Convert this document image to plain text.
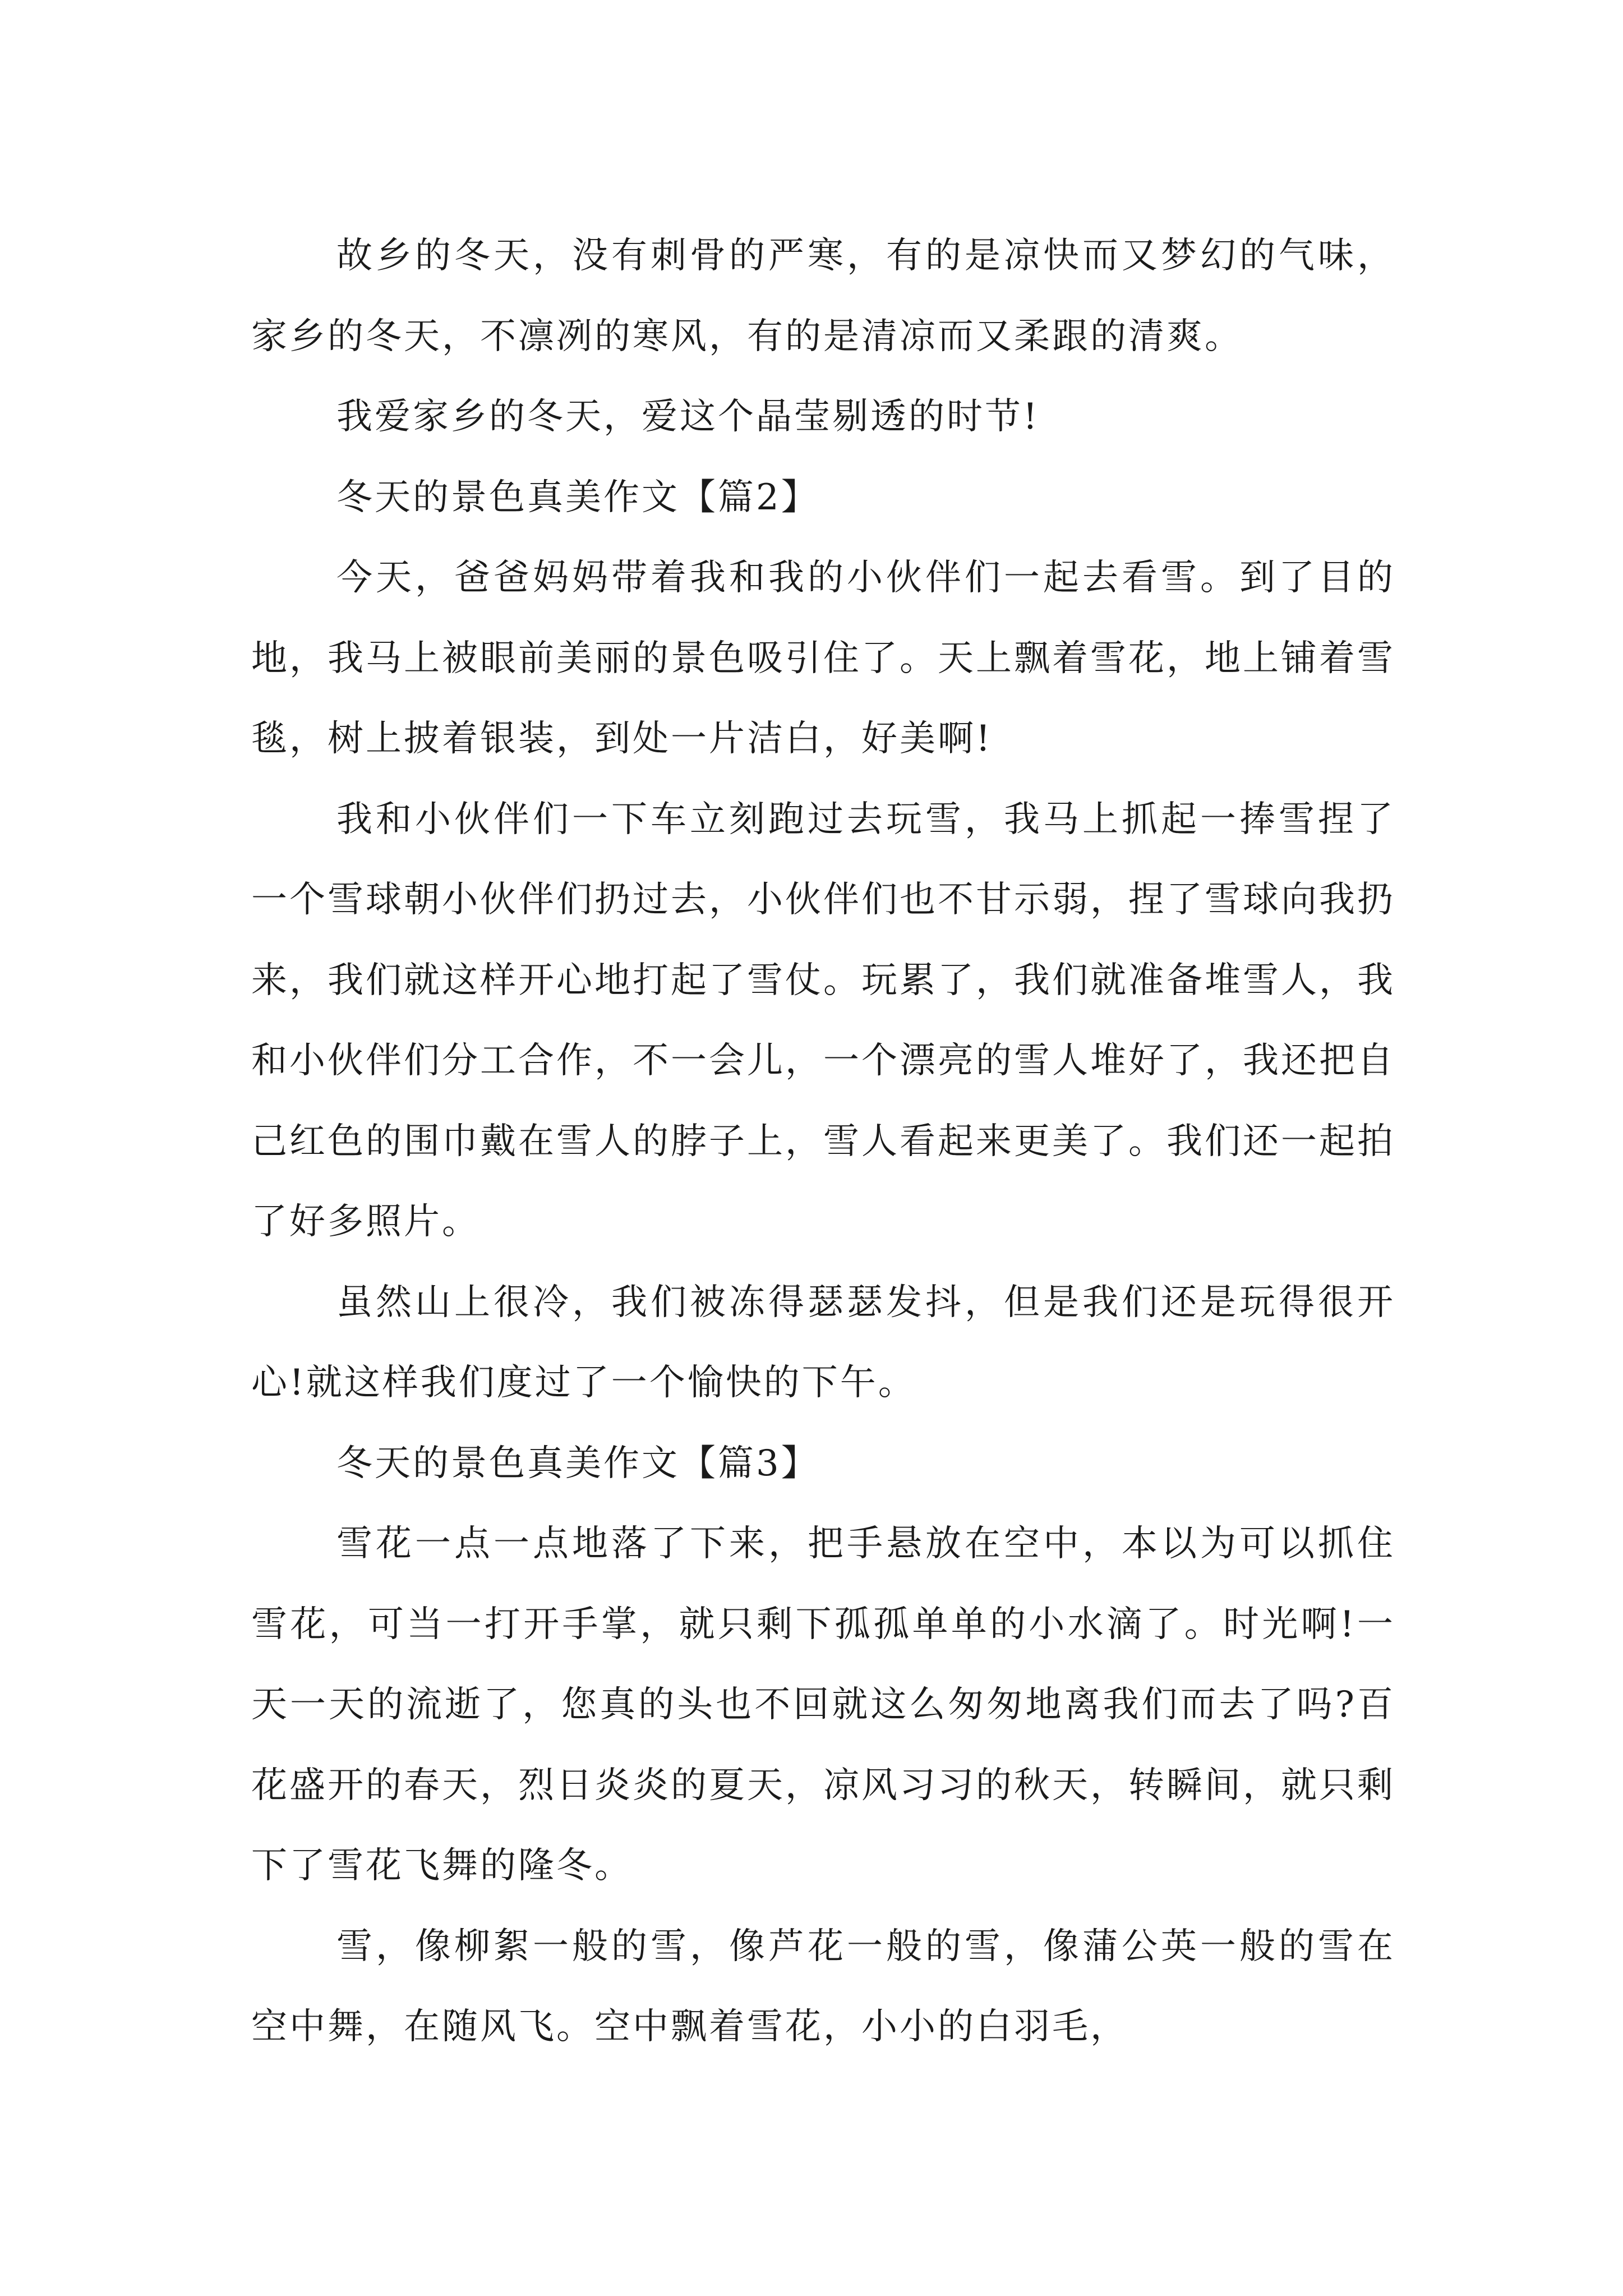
故乡的冬天，没有刺骨的严寒，有的是凉快而又梦幻的气味，家乡的冬天，不凛冽的寒风，有的是清凉而又柔跟的清爽。

我爱家乡的冬天，爱这个晶莹剔透的时节!

冬天的景色真美作文【篇2】

今天，爸爸妈妈带着我和我的小伙伴们一起去看雪。到了目的地，我马上被眼前美丽的景色吸引住了。天上飘着雪花，地上铺着雪毯，树上披着银装，到处一片洁白，好美啊!

我和小伙伴们一下车立刻跑过去玩雪，我马上抓起一捧雪捏了一个雪球朝小伙伴们扔过去，小伙伴们也不甘示弱，捏了雪球向我扔来，我们就这样开心地打起了雪仗。玩累了，我们就准备堆雪人，我和小伙伴们分工合作，不一会儿，一个漂亮的雪人堆好了，我还把自己红色的围巾戴在雪人的脖子上，雪人看起来更美了。我们还一起拍了好多照片。

虽然山上很冷，我们被冻得瑟瑟发抖，但是我们还是玩得很开心!就这样我们度过了一个愉快的下午。

冬天的景色真美作文【篇3】

雪花一点一点地落了下来，把手悬放在空中，本以为可以抓住雪花，可当一打开手掌，就只剩下孤孤单单的小水滴了。时光啊!一天一天的流逝了，您真的头也不回就这么匆匆地离我们而去了吗?百花盛开的春天，烈日炎炎的夏天，凉风习习的秋天，转瞬间，就只剩下了雪花飞舞的隆冬。

雪，像柳絮一般的雪，像芦花一般的雪，像蒲公英一般的雪在空中舞，在随风飞。空中飘着雪花，小小的白羽毛，
